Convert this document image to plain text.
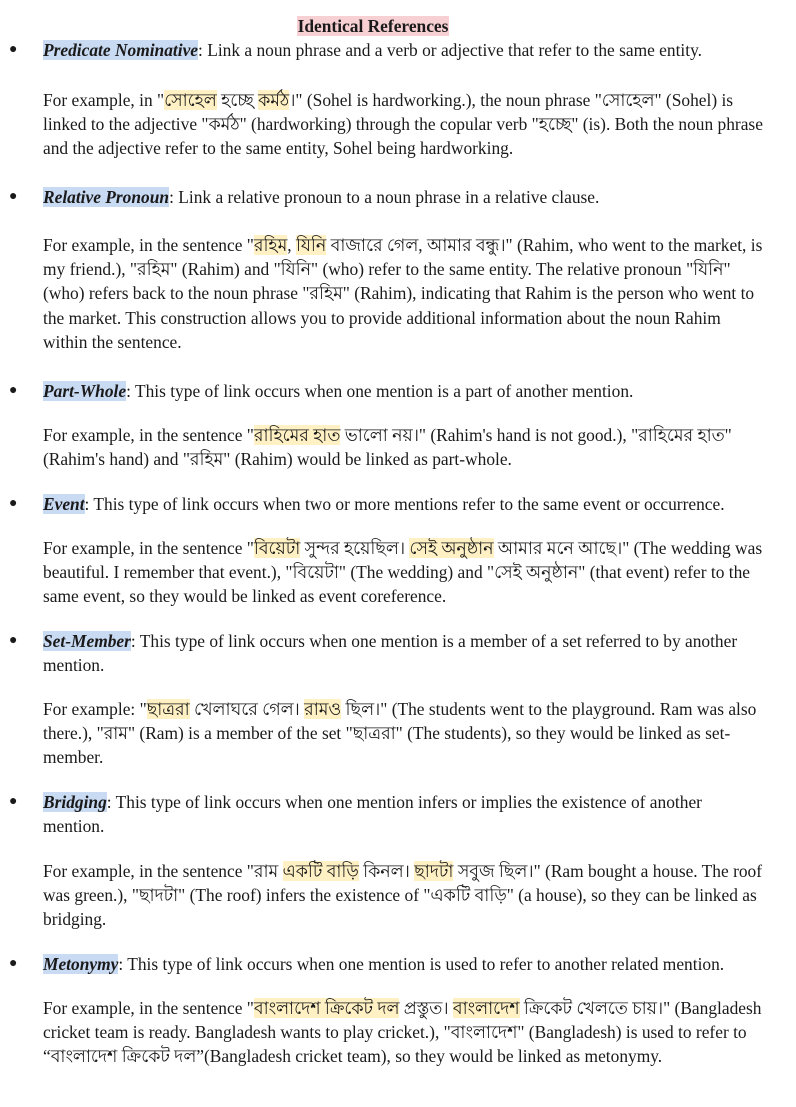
Identical References
●	Predicate Nominative: Link a noun phrase and a verb or adjective that refer to the same entity.
For example, in "সোহেল হচ্ছে কর্মঠ।" (Sohel is hardworking.), the noun phrase "সোহেল" (Sohel) is linked to the adjective "কর্মঠ" (hardworking) through the copular verb "হচ্ছে" (is). Both the noun phrase and the adjective refer to the same entity, Sohel being hardworking.
●	Relative Pronoun: Link a relative pronoun to a noun phrase in a relative clause.
For example, in the sentence "রহিম, যিনি বাজারে গেল, আমার বন্ধু।" (Rahim, who went to the market, is my friend.), "রহিম" (Rahim) and "যিনি" (who) refer to the same entity. The relative pronoun "যিনি" (who) refers back to the noun phrase "রহিম" (Rahim), indicating that Rahim is the person who went to the market. This construction allows you to provide additional information about the noun Rahim within the sentence.
●	Part-Whole: This type of link occurs when one mention is a part of another mention.
For example, in the sentence "রাহিমের হাত ভালো নয়।" (Rahim's hand is not good.), "রাহিমের হাত" (Rahim's hand) and "রহিম" (Rahim) would be linked as part-whole.
●	Event: This type of link occurs when two or more mentions refer to the same event or occurrence.
For example, in the sentence "বিয়েটা সুন্দর হয়েছিল। সেই অনুষ্ঠান আমার মনে আছে।" (The wedding was beautiful. I remember that event.), "বিয়েটা" (The wedding) and "সেই অনুষ্ঠান" (that event) refer to the same event, so they would be linked as event coreference.
●	Set-Member: This type of link occurs when one mention is a member of a set referred to by another mention.
For example: "ছাত্ররা খেলাঘরে গেল। রামও ছিল।" (The students went to the playground. Ram was also there.), "রাম" (Ram) is a member of the set "ছাত্ররা" (The students), so they would be linked as set-member.
●	Bridging: This type of link occurs when one mention infers or implies the existence of another mention.
For example, in the sentence "রাম একটি বাড়ি কিনল। ছাদটা সবুজ ছিল।" (Ram bought a house. The roof was green.), "ছাদটা" (The roof) infers the existence of "একটি বাড়ি" (a house), so they can be linked as bridging.
●	Metonymy: This type of link occurs when one mention is used to refer to another related mention.
For example, in the sentence "বাংলাদেশ ক্রিকেট দল প্রস্তুত। বাংলাদেশ ক্রিকেট খেলতে চায়।" (Bangladesh cricket team is ready. Bangladesh wants to play cricket.), "বাংলাদেশ" (Bangladesh) is used to refer to “বাংলাদেশ ক্রিকেট দল”(Bangladesh cricket team), so they would be linked as metonymy.
